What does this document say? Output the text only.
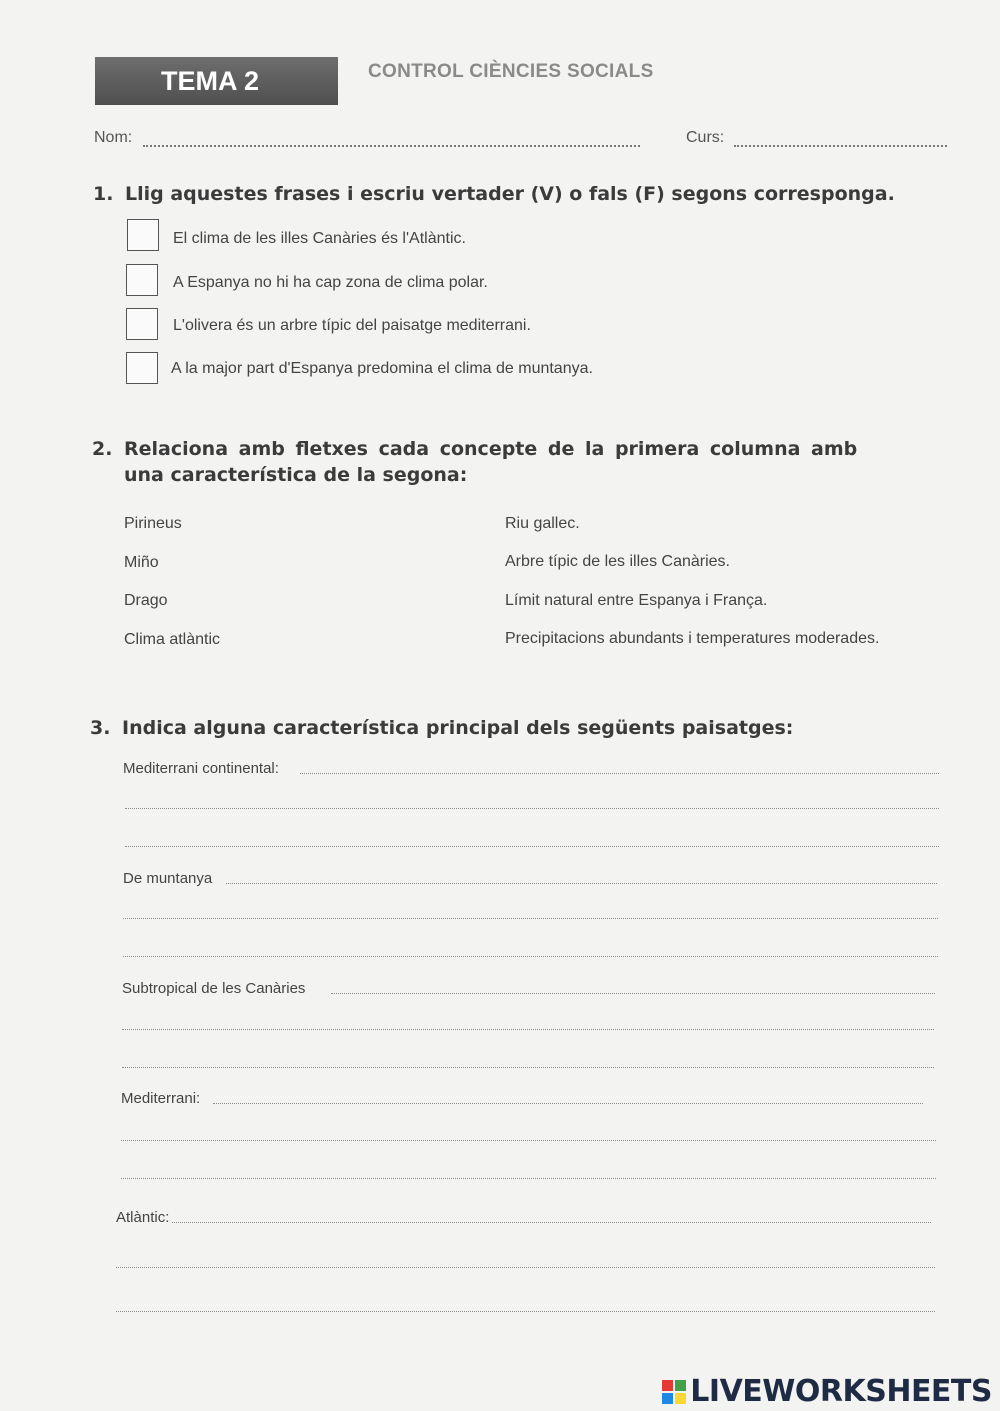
TEMA 2	CONTROL CIÈNCIES SOCIALS
Nom:	Curs:
1. Llig aquestes frases i escriu vertader (V) o fals (F) segons corresponga.
El clima de les illes Canàries és l'Atlàntic.
A Espanya no hi ha cap zona de clima polar.
L'olivera és un arbre típic del paisatge mediterrani.
A la major part d'Espanya predomina el clima de muntanya.
2. Relaciona amb fletxes cada concepte de la primera columna amb
una característica de la segona:
Pirineus
Miño
Drago
Clima atlàntic
Riu gallec.
Arbre típic de les illes Canàries.
Límit natural entre Espanya i França.
Precipitacions abundants i temperatures moderades.
3. Indica alguna característica principal dels següents paisatges:
Mediterrani continental:
De muntanya
Subtropical de les Canàries
Mediterrani:
Atlàntic:
LIVEWORKSHEETS
